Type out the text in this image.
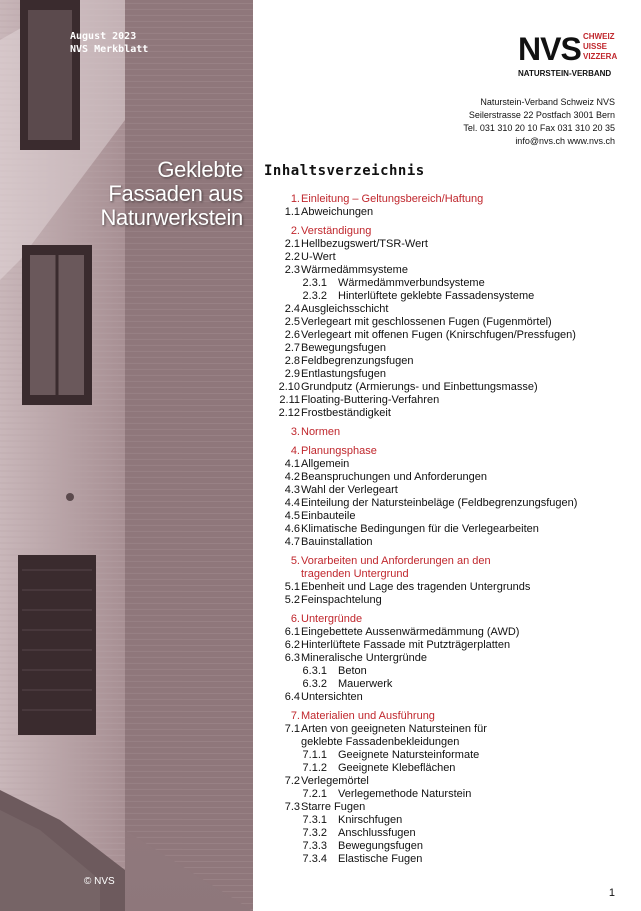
August 2023
NVS Merkblatt
Geklebte
Fassaden aus
Naturwerkstein
© NVS
NVS CHWEIZ
UISSE
VIZZERA
NATURSTEIN-VERBAND
Naturstein-Verband Schweiz NVS
Seilerstrasse 22 Postfach 3001 Bern
Tel. 031 310 20 10 Fax 031 310 20 35
info@nvs.ch www.nvs.ch
Inhaltsverzeichnis
1. Einleitung – Geltungsbereich/Haftung
1.1 Abweichungen
2. Verständigung
2.1 Hellbezugswert/TSR-Wert
2.2 U-Wert
2.3 Wärmedämmsysteme
2.3.1 Wärmedämmverbundsysteme
2.3.2 Hinterlüftete geklebte Fassadensysteme
2.4 Ausgleichsschicht
2.5 Verlegeart mit geschlossenen Fugen (Fugenmörtel)
2.6 Verlegeart mit offenen Fugen (Knirschfugen/Pressfugen)
2.7 Bewegungsfugen
2.8 Feldbegrenzungsfugen
2.9 Entlastungsfugen
2.10 Grundputz (Armierungs- und Einbettungsmasse)
2.11 Floating-Buttering-Verfahren
2.12 Frostbeständigkeit
3. Normen
4. Planungsphase
4.1 Allgemein
4.2 Beanspruchungen und Anforderungen
4.3 Wahl der Verlegeart
4.4 Einteilung der Natursteinbeläge (Feldbegrenzungsfugen)
4.5 Einbauteile
4.6 Klimatische Bedingungen für die Verlegearbeiten
4.7 Bauinstallation
5. Vorarbeiten und Anforderungen an den
tragenden Untergrund
5.1 Ebenheit und Lage des tragenden Untergrunds
5.2 Feinspachtelung
6. Untergründe
6.1 Eingebettete Aussenwärmedämmung (AWD)
6.2 Hinterlüftete Fassade mit Putzträgerplatten
6.3 Mineralische Untergründe
6.3.1 Beton
6.3.2 Mauerwerk
6.4 Untersichten
7. Materialien und Ausführung
7.1 Arten von geeigneten Natursteinen für
geklebte Fassadenbekleidungen
7.1.1 Geeignete Natursteinformate
7.1.2 Geeignete Klebeflächen
7.2 Verlegemörtel
7.2.1 Verlegemethode Naturstein
7.3 Starre Fugen
7.3.1 Knirschfugen
7.3.2 Anschlussfugen
7.3.3 Bewegungsfugen
7.3.4 Elastische Fugen
1
